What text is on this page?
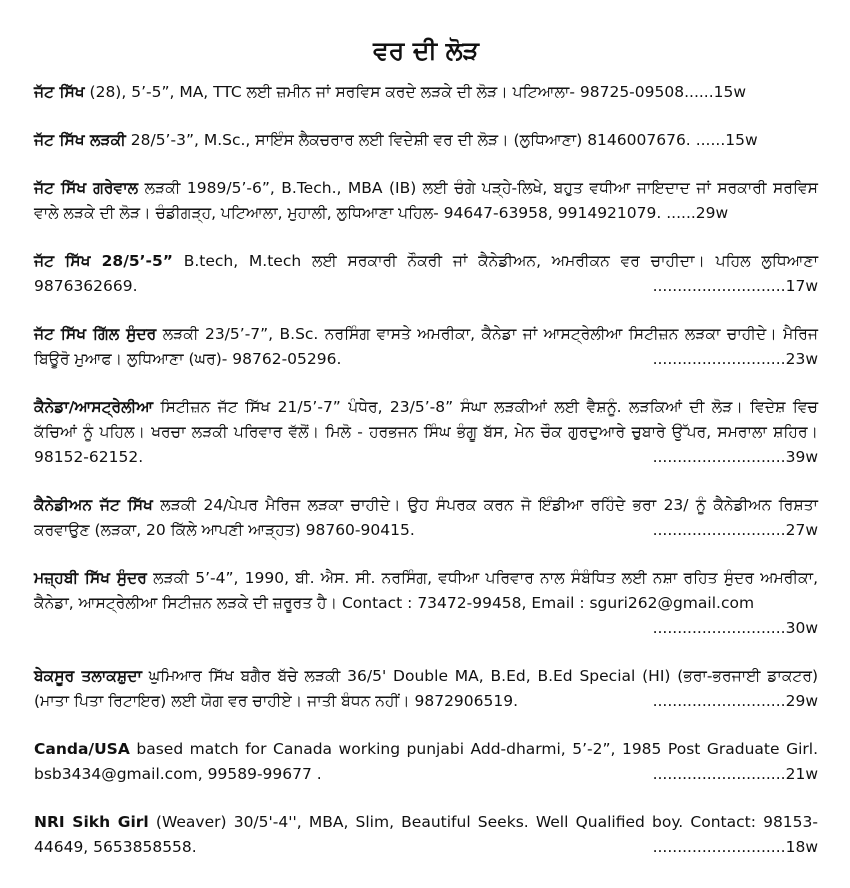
ਵਰ ਦੀ ਲੋੜ
ਜੱਟ ਸਿੱਖ (28), 5’-5”, MA, TTC ਲਈ ਜ਼ਮੀਨ ਜਾਂ ਸਰਵਿਸ ਕਰਦੇ ਲੜਕੇ ਦੀ ਲੋੜ। ਪਟਿਆਲਾ- 98725-09508......15w
ਜੱਟ ਸਿੱਖ ਲੜਕੀ 28/5’-3”, M.Sc., ਸਾਇੰਸ ਲੈਕਚਰਾਰ ਲਈ ਵਿਦੇਸ਼ੀ ਵਰ ਦੀ ਲੋੜ। (ਲੁਧਿਆਣਾ) 8146007676. ......15w
ਜੱਟ ਸਿੱਖ ਗਰੇਵਾਲ ਲੜਕੀ 1989/5’-6”, B.Tech., MBA (IB) ਲਈ ਚੰਗੇ ਪੜ੍ਹੇ-ਲਿਖੇ, ਬਹੁਤ ਵਧੀਆ ਜਾਇਦਾਦ ਜਾਂ ਸਰਕਾਰੀ ਸਰਵਿਸ ਵਾਲੇ ਲੜਕੇ ਦੀ ਲੋੜ। ਚੰਡੀਗੜ੍ਹ, ਪਟਿਆਲਾ, ਮੁਹਾਲੀ, ਲੁਧਿਆਣਾ ਪਹਿਲ- 94647-63958, 9914921079. ......29w
ਜੱਟ ਸਿੱਖ 28/5’-5” B.tech, M.tech ਲਈ ਸਰਕਾਰੀ ਨੌਕਰੀ ਜਾਂ ਕੈਨੇਡੀਅਨ, ਅਮਰੀਕਨ ਵਰ ਚਾਹੀਦਾ। ਪਹਿਲ ਲੁਧਿਆਣਾ 9876362669.	...........................17w
ਜੱਟ ਸਿੱਖ ਗਿੱਲ ਸੁੰਦਰ ਲੜਕੀ 23/5’-7”, B.Sc. ਨਰਸਿੰਗ ਵਾਸਤੇ ਅਮਰੀਕਾ, ਕੈਨੇਡਾ ਜਾਂ ਆਸਟ੍ਰੇਲੀਆ ਸਿਟੀਜ਼ਨ ਲੜਕਾ ਚਾਹੀਦੇ। ਮੈਰਿਜ ਬਿਊਰੋ ਮੁਆਫ। ਲੁਧਿਆਣਾ (ਘਰ)- 98762-05296.	...........................23w
ਕੈਨੇਡਾ/ਆਸਟ੍ਰੇਲੀਆ ਸਿਟੀਜ਼ਨ ਜੱਟ ਸਿੱਖ 21/5’-7” ਪੰਧੇਰ, 23/5’-8” ਸੰਘਾ ਲੜਕੀਆਂ ਲਈ ਵੈਸ਼ਨੂੰ. ਲੜਕਿਆਂ ਦੀ ਲੋੜ। ਵਿਦੇਸ਼ ਵਿਚ ਕੱਚਿਆਂ ਨੂੰ ਪਹਿਲ। ਖਰਚਾ ਲੜਕੀ ਪਰਿਵਾਰ ਵੱਲੋਂ। ਮਿਲੋ - ਹਰਭਜਨ ਸਿੰਘ ਭੰਗੂ ਬੱਸ, ਮੇਨ ਚੌਕ ਗੁਰਦੁਆਰੇ ਚੁਬਾਰੇ ਉੱਪਰ, ਸਮਰਾਲਾ ਸ਼ਹਿਰ। 98152-62152.	...........................39w
ਕੈਨੇਡੀਅਨ ਜੱਟ ਸਿੱਖ ਲੜਕੀ 24/ਪੇਪਰ ਮੈਰਿਜ ਲੜਕਾ ਚਾਹੀਦੇ। ਉਹ ਸੰਪਰਕ ਕਰਨ ਜੋ ਇੰਡੀਆ ਰਹਿੰਦੇ ਭਰਾ 23/ ਨੂੰ ਕੈਨੇਡੀਅਨ ਰਿਸ਼ਤਾ ਕਰਵਾਉਣ (ਲੜਕਾ, 20 ਕਿੱਲੇ ਆਪਣੀ ਆੜ੍ਹਤ) 98760-90415.	...........................27w
ਮਜ਼੍ਹਬੀ ਸਿੱਖ ਸੁੰਦਰ ਲੜਕੀ 5’-4”, 1990, ਬੀ. ਐਸ. ਸੀ. ਨਰਸਿੰਗ, ਵਧੀਆ ਪਰਿਵਾਰ ਨਾਲ ਸੰਬੰਧਿਤ ਲਈ ਨਸ਼ਾ ਰਹਿਤ ਸੁੰਦਰ ਅਮਰੀਕਾ, ਕੈਨੇਡਾ, ਆਸਟ੍ਰੇਲੀਆ ਸਿਟੀਜ਼ਨ ਲੜਕੇ ਦੀ ਜ਼ਰੂਰਤ ਹੈ। Contact : 73472-99458, Email : sguri262@gmail.com
...........................30w
ਬੇਕਸੂਰ ਤਲਾਕਸ਼ੁਦਾ ਘੁਮਿਆਰ ਸਿੱਖ ਬਗੈਰ ਬੱਚੇ ਲੜਕੀ 36/5' Double MA, B.Ed, B.Ed Special (HI) (ਭਰਾ-ਭਰਜਾਈ ਡਾਕਟਰ) (ਮਾਤਾ ਪਿਤਾ ਰਿਟਾਇਰ) ਲਈ ਯੋਗ ਵਰ ਚਾਹੀਏ। ਜਾਤੀ ਬੰਧਨ ਨਹੀਂ। 9872906519.	...........................29w
Canda/USA based match for Canada working punjabi Add-dharmi, 5’-2”, 1985 Post Graduate Girl. bsb3434@gmail.com, 99589-99677 .	...........................21w
NRI Sikh Girl (Weaver) 30/5'-4'', MBA, Slim, Beautiful Seeks. Well Qualified boy. Contact: 98153-44649, 5653858558.	...........................18w
